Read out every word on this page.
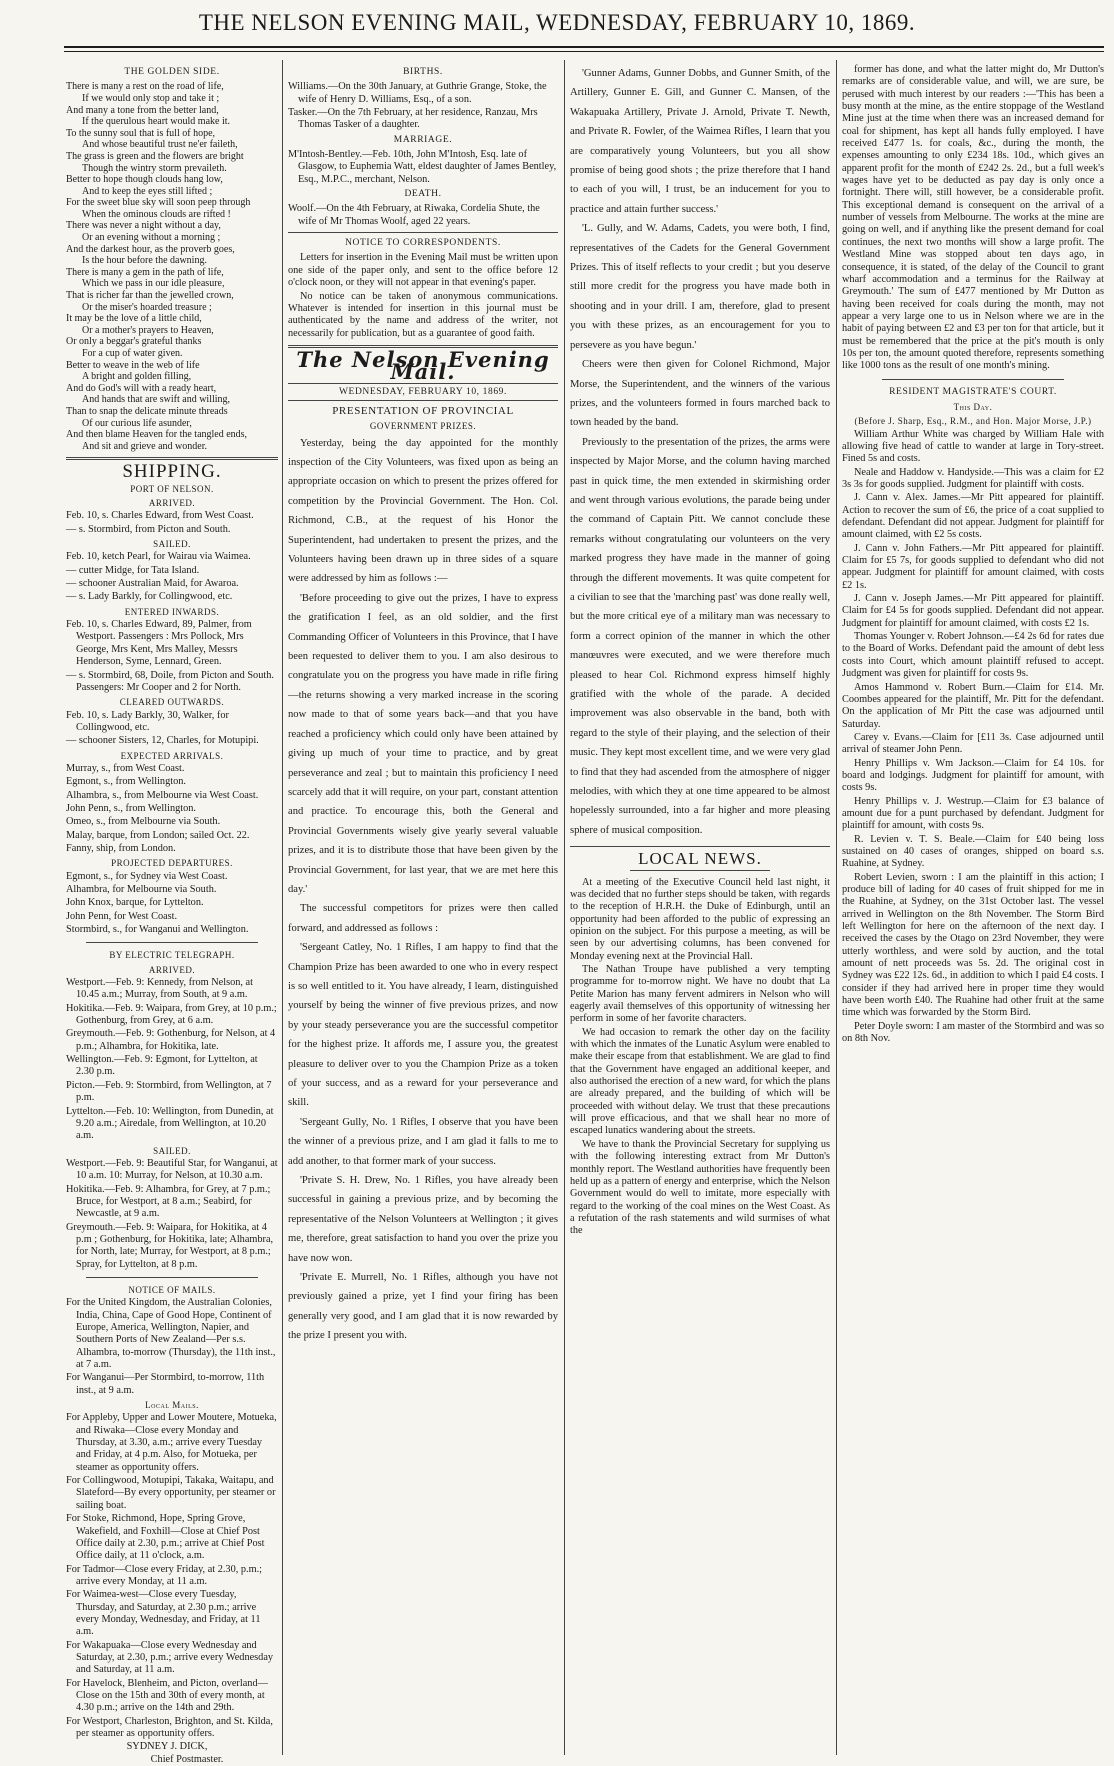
THE NELSON EVENING MAIL, WEDNESDAY, FEBRUARY 10, 1869.
THE GOLDEN SIDE.
There is many a rest on the road of life,
If we would only stop and take it ;
And many a tone from the better land,
If the querulous heart would make it.
To the sunny soul that is full of hope,
And whose beautiful trust ne'er faileth,
The grass is green and the flowers are bright
Though the wintry storm prevaileth.
Better to hope though clouds hang low,
And to keep the eyes still lifted ;
For the sweet blue sky will soon peep through
When the ominous clouds are rifted !
There was never a night without a day,
Or an evening without a morning ;
And the darkest hour, as the proverb goes,
Is the hour before the dawning.
There is many a gem in the path of life,
Which we pass in our idle pleasure,
That is richer far than the jewelled crown,
Or the miser's hoarded treasure ;
It may be the love of a little child,
Or a mother's prayers to Heaven,
Or only a beggar's grateful thanks
For a cup of water given.
Better to weave in the web of life
A bright and golden filling,
And do God's will with a ready heart,
And hands that are swift and willing,
Than to snap the delicate minute threads
Of our curious life asunder,
And then blame Heaven for the tangled ends,
And sit and grieve and wonder.
SHIPPING.
PORT OF NELSON.
ARRIVED.

Feb. 10, s. Charles Edward, from West Coast.

— s. Stormbird, from Picton and South.

SAILED.

Feb. 10, ketch Pearl, for Wairau via Waimea.

— cutter Midge, for Tata Island.

— schooner Australian Maid, for Awaroa.

— s. Lady Barkly, for Collingwood, etc.

ENTERED INWARDS.

Feb. 10, s. Charles Edward, 89, Palmer, from Westport. Passengers : Mrs Pollock, Mrs George, Mrs Kent, Mrs Malley, Messrs Henderson, Syme, Lennard, Green.

— s. Stormbird, 68, Doile, from Picton and South. Passengers: Mr Cooper and 2 for North.

CLEARED OUTWARDS.

Feb. 10, s. Lady Barkly, 30, Walker, for Collingwood, etc.

— schooner Sisters, 12, Charles, for Motupipi.

EXPECTED ARRIVALS.

Murray, s., from West Coast.

Egmont, s., from Wellington.

Alhambra, s., from Melbourne via West Coast.

John Penn, s., from Wellington.

Omeo, s., from Melbourne via South.

Malay, barque, from London; sailed Oct. 22.

Fanny, ship, from London.

PROJECTED DEPARTURES.

Egmont, s., for Sydney via West Coast.

Alhambra, for Melbourne via South.

John Knox, barque, for Lyttelton.

John Penn, for West Coast.

Stormbird, s., for Wanganui and Wellington.

BY ELECTRIC TELEGRAPH.
ARRIVED.

Westport.—Feb. 9: Kennedy, from Nelson, at 10.45 a.m.; Murray, from South, at 9 a.m.

Hokitika.—Feb. 9: Waipara, from Grey, at 10 p.m.; Gothenburg, from Grey, at 6 a.m.

Greymouth.—Feb. 9: Gothenburg, for Nelson, at 4 p.m.; Alhambra, for Hokitika, late.

Wellington.—Feb. 9: Egmont, for Lyttelton, at 2.30 p.m.

Picton.—Feb. 9: Stormbird, from Wellington, at 7 p.m.

Lyttelton.—Feb. 10: Wellington, from Dunedin, at 9.20 a.m.; Airedale, from Wellington, at 10.20 a.m.

SAILED.

Westport.—Feb. 9: Beautiful Star, for Wanganui, at 10 a.m. 10: Murray, for Nelson, at 10.30 a.m.

Hokitika.—Feb. 9: Alhambra, for Grey, at 7 p.m.; Bruce, for Westport, at 8 a.m.; Seabird, for Newcastle, at 9 a.m.

Greymouth.—Feb. 9: Waipara, for Hokitika, at 4 p.m ; Gothenburg, for Hokitika, late; Alhambra, for North, late; Murray, for Westport, at 8 p.m.; Spray, for Lyttelton, at 8 p.m.

NOTICE OF MAILS.

For the United Kingdom, the Australian Colonies, India, China, Cape of Good Hope, Continent of Europe, America, Wellington, Napier, and Southern Ports of New Zealand—Per s.s. Alhambra, to-morrow (Thursday), the 11th inst., at 7 a.m.

For Wanganui—Per Stormbird, to-morrow, 11th inst., at 9 a.m.

Local Mails.

For Appleby, Upper and Lower Moutere, Motueka, and Riwaka—Close every Monday and Thursday, at 3.30, a.m.; arrive every Tuesday and Friday, at 4 p.m. Also, for Motueka, per steamer as opportunity offers.

For Collingwood, Motupipi, Takaka, Waitapu, and Slateford—By every opportunity, per steamer or sailing boat.

For Stoke, Richmond, Hope, Spring Grove, Wakefield, and Foxhill—Close at Chief Post Office daily at 2.30, p.m.; arrive at Chief Post Office daily, at 11 o'clock, a.m.

For Tadmor—Close every Friday, at 2.30, p.m.; arrive every Monday, at 11 a.m.

For Waimea-west—Close every Tuesday, Thursday, and Saturday, at 2.30 p.m.; arrive every Monday, Wednesday, and Friday, at 11 a.m.

For Wakapuaka—Close every Wednesday and Saturday, at 2.30, p.m.; arrive every Wednesday and Saturday, at 11 a.m.

For Havelock, Blenheim, and Picton, overland—Close on the 15th and 30th of every month, at 4.30 p.m.; arrive on the 14th and 29th.

For Westport, Charleston, Brighton, and St. Kilda, per steamer as opportunity offers.

SYDNEY J. DICK,
Chief Postmaster.
BIRTHS.

Williams.—On the 30th January, at Guthrie Grange, Stoke, the wife of Henry D. Williams, Esq., of a son.

Tasker.—On the 7th February, at her residence, Ranzau, Mrs Thomas Tasker of a daughter.

MARRIAGE.

M'Intosh-Bentley.—Feb. 10th, John M'Intosh, Esq. late of Glasgow, to Euphemia Watt, eldest daughter of James Bentley, Esq., M.P.C., merchant, Nelson.

DEATH.

Woolf.—On the 4th February, at Riwaka, Cordelia Shute, the wife of Mr Thomas Woolf, aged 22 years.

NOTICE TO CORRESPONDENTS.

Letters for insertion in the Evening Mail must be written upon one side of the paper only, and sent to the office before 12 o'clock noon, or they will not appear in that evening's paper.

No notice can be taken of anonymous communications. Whatever is intended for insertion in this journal must be authenticated by the name and address of the writer, not necessarily for publication, but as a guarantee of good faith.

The Nelson Evening Mail.
WEDNESDAY, FEBRUARY 10, 1869.
PRESENTATION OF PROVINCIAL
GOVERNMENT PRIZES.

Yesterday, being the day appointed for the monthly inspection of the City Volunteers, was fixed upon as being an appropriate occasion on which to present the prizes offered for competition by the Provincial Government. The Hon. Col. Richmond, C.B., at the request of his Honor the Superintendent, had undertaken to present the prizes, and the Volunteers having been drawn up in three sides of a square were addressed by him as follows :—

'Before proceeding to give out the prizes, I have to express the gratification I feel, as an old soldier, and the first Commanding Officer of Volunteers in this Province, that I have been requested to deliver them to you. I am also desirous to congratulate you on the progress you have made in rifle firing—the returns showing a very marked increase in the scoring now made to that of some years back—and that you have reached a proficiency which could only have been attained by giving up much of your time to practice, and by great perseverance and zeal ; but to maintain this proficiency I need scarcely add that it will require, on your part, constant attention and practice. To encourage this, both the General and Provincial Governments wisely give yearly several valuable prizes, and it is to distribute those that have been given by the Provincial Government, for last year, that we are met here this day.'

The successful competitors for prizes were then called forward, and addressed as follows :

'Sergeant Catley, No. 1 Rifles, I am happy to find that the Champion Prize has been awarded to one who in every respect is so well entitled to it. You have already, I learn, distinguished yourself by being the winner of five previous prizes, and now by your steady perseverance you are the successful competitor for the highest prize. It affords me, I assure you, the greatest pleasure to deliver over to you the Champion Prize as a token of your success, and as a reward for your perseverance and skill.

'Sergeant Gully, No. 1 Rifles, I observe that you have been the winner of a previous prize, and I am glad it falls to me to add another, to that former mark of your success.

'Private S. H. Drew, No. 1 Rifles, you have already been successful in gaining a previous prize, and by becoming the representative of the Nelson Volunteers at Wellington ; it gives me, therefore, great satisfaction to hand you over the prize you have now won.

'Private E. Murrell, No. 1 Rifles, although you have not previously gained a prize, yet I find your firing has been generally very good, and I am glad that it is now rewarded by the prize I present you with.

'Gunner Adams, Gunner Dobbs, and Gunner Smith, of the Artillery, Gunner E. Gill, and Gunner C. Mansen, of the Wakapuaka Artillery, Private J. Arnold, Private T. Newth, and Private R. Fowler, of the Waimea Rifles, I learn that you are comparatively young Volunteers, but you all show promise of being good shots ; the prize therefore that I hand to each of you will, I trust, be an inducement for you to practice and attain further success.'

'L. Gully, and W. Adams, Cadets, you were both, I find, representatives of the Cadets for the General Government Prizes. This of itself reflects to your credit ; but you deserve still more credit for the progress you have made both in shooting and in your drill. I am, therefore, glad to present you with these prizes, as an encouragement for you to persevere as you have begun.'

Cheers were then given for Colonel Richmond, Major Morse, the Superintendent, and the winners of the various prizes, and the volunteers formed in fours marched back to town headed by the band.

Previously to the presentation of the prizes, the arms were inspected by Major Morse, and the column having marched past in quick time, the men extended in skirmishing order and went through various evolutions, the parade being under the command of Captain Pitt. We cannot conclude these remarks without congratulating our volunteers on the very marked progress they have made in the manner of going through the different movements. It was quite competent for a civilian to see that the 'marching past' was done really well, but the more critical eye of a military man was necessary to form a correct opinion of the manner in which the other manœuvres were executed, and we were therefore much pleased to hear Col. Richmond express himself highly gratified with the whole of the parade. A decided improvement was also observable in the band, both with regard to the style of their playing, and the selection of their music. They kept most excellent time, and we were very glad to find that they had ascended from the atmosphere of nigger melodies, with which they at one time appeared to be almost hopelessly surrounded, into a far higher and more pleasing sphere of musical composition.

LOCAL NEWS.

At a meeting of the Executive Council held last night, it was decided that no further steps should be taken, with regards to the reception of H.R.H. the Duke of Edinburgh, until an opportunity had been afforded to the public of expressing an opinion on the subject. For this purpose a meeting, as will be seen by our advertising columns, has been convened for Monday evening next at the Provincial Hall.

The Nathan Troupe have published a very tempting programme for to-morrow night. We have no doubt that La Petite Marion has many fervent admirers in Nelson who will eagerly avail themselves of this opportunity of witnessing her perform in some of her favorite characters.

We had occasion to remark the other day on the facility with which the inmates of the Lunatic Asylum were enabled to make their escape from that establishment. We are glad to find that the Government have engaged an additional keeper, and also authorised the erection of a new ward, for which the plans are already prepared, and the building of which will be proceeded with without delay. We trust that these precautions will prove efficacious, and that we shall hear no more of escaped lunatics wandering about the streets.

We have to thank the Provincial Secretary for supplying us with the following interesting extract from Mr Dutton's monthly report. The Westland authorities have frequently been held up as a pattern of energy and enterprise, which the Nelson Government would do well to imitate, more especially with regard to the working of the coal mines on the West Coast. As a refutation of the rash statements and wild surmises of what the

former has done, and what the latter might do, Mr Dutton's remarks are of considerable value, and will, we are sure, be perused with much interest by our readers :—'This has been a busy month at the mine, as the entire stoppage of the Westland Mine just at the time when there was an increased demand for coal for shipment, has kept all hands fully employed. I have received £477 1s. for coals, &c., during the month, the expenses amounting to only £234 18s. 10d., which gives an apparent profit for the month of £242 2s. 2d., but a full week's wages have yet to be deducted as pay day is only once a fortnight. There will, still however, be a considerable profit. This exceptional demand is consequent on the arrival of a number of vessels from Melbourne. The works at the mine are going on well, and if anything like the present demand for coal continues, the next two months will show a large profit. The Westland Mine was stopped about ten days ago, in consequence, it is stated, of the delay of the Council to grant wharf accommodation and a terminus for the Railway at Greymouth.' The sum of £477 mentioned by Mr Dutton as having been received for coals during the month, may not appear a very large one to us in Nelson where we are in the habit of paying between £2 and £3 per ton for that article, but it must be remembered that the price at the pit's mouth is only 10s per ton, the amount quoted therefore, represents something like 1000 tons as the result of one month's mining.

RESIDENT MAGISTRATE'S COURT.
This Day.
(Before J. Sharp, Esq., R.M., and Hon. Major Morse, J.P.)

William Arthur White was charged by William Hale with allowing five head of cattle to wander at large in Tory-street. Fined 5s and costs.

Neale and Haddow v. Handyside.—This was a claim for £2 3s 3s for goods supplied. Judgment for plaintiff with costs.

J. Cann v. Alex. James.—Mr Pitt appeared for plaintiff. Action to recover the sum of £6, the price of a coat supplied to defendant. Defendant did not appear. Judgment for plaintiff for amount claimed, with £2 5s costs.

J. Cann v. John Fathers.—Mr Pitt appeared for plaintiff. Claim for £5 7s, for goods supplied to defendant who did not appear. Judgment for plaintiff for amount claimed, with costs £2 1s.

J. Cann v. Joseph James.—Mr Pitt appeared for plaintiff. Claim for £4 5s for goods supplied. Defendant did not appear. Judgment for plaintiff for amount claimed, with costs £2 1s.

Thomas Younger v. Robert Johnson.—£4 2s 6d for rates due to the Board of Works. Defendant paid the amount of debt less costs into Court, which amount plaintiff refused to accept. Judgment was given for plaintiff for costs 9s.

Amos Hammond v. Robert Burn.—Claim for £14. Mr. Coombes appeared for the plaintiff, Mr. Pitt for the defendant. On the application of Mr Pitt the case was adjourned until Saturday.

Carey v. Evans.—Claim for [£11 3s. Case adjourned until arrival of steamer John Penn.

Henry Phillips v. Wm Jackson.—Claim for £4 10s. for board and lodgings. Judgment for plaintiff for amount, with costs 9s.

Henry Phillips v. J. Westrup.—Claim for £3 balance of amount due for a punt purchased by defendant. Judgment for plaintiff for amount, with costs 9s.

R. Levien v. T. S. Beale.—Claim for £40 being loss sustained on 40 cases of oranges, shipped on board s.s. Ruahine, at Sydney.

Robert Levien, sworn : I am the plaintiff in this action; I produce bill of lading for 40 cases of fruit shipped for me in the Ruahine, at Sydney, on the 31st October last. The vessel arrived in Wellington on the 8th November. The Storm Bird left Wellington for here on the afternoon of the next day. I received the cases by the Otago on 23rd November, they were utterly worthless, and were sold by auction, and the total amount of nett proceeds was 5s. 2d. The original cost in Sydney was £22 12s. 6d., in addition to which I paid £4 costs. I consider if they had arrived here in proper time they would have been worth £40. The Ruahine had other fruit at the same time which was forwarded by the Storm Bird.

Peter Doyle sworn: I am master of the Stormbird and was so on 8th Nov.
